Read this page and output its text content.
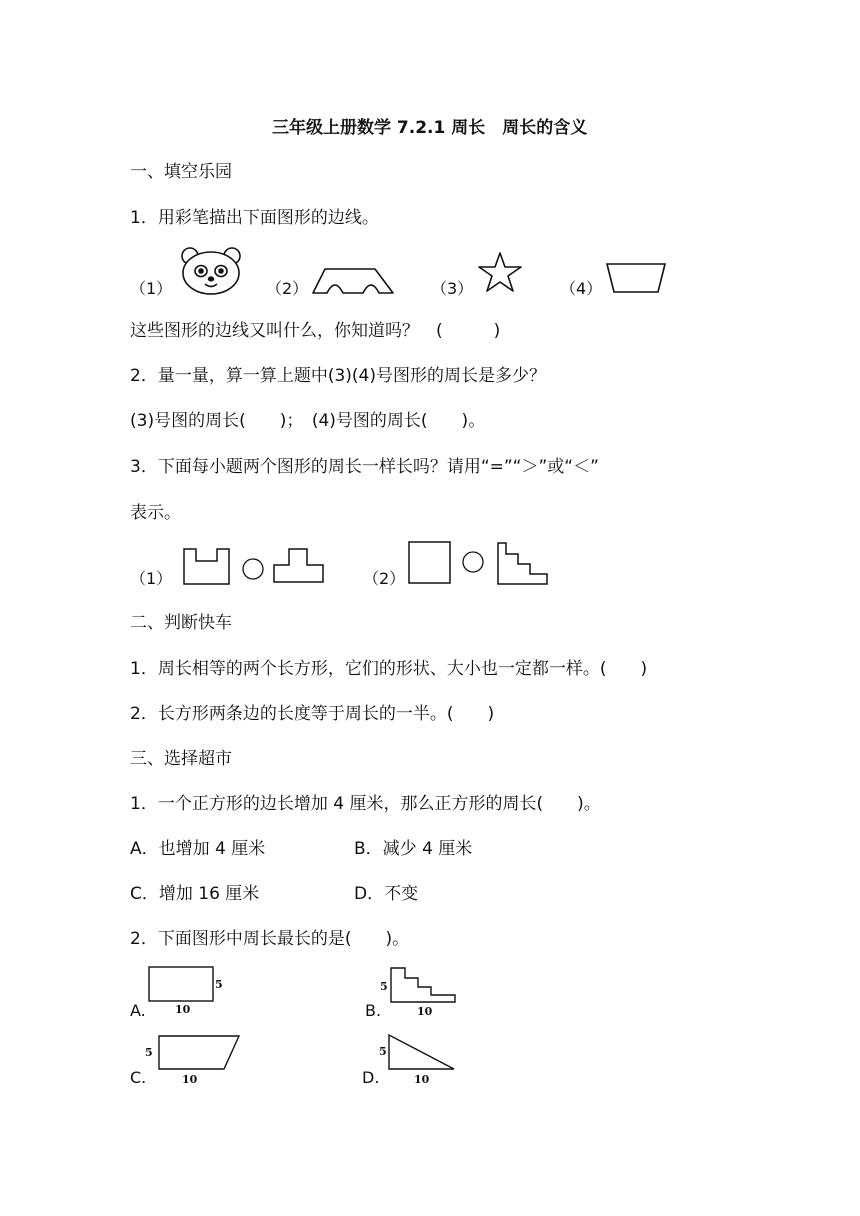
三年级上册数学 7.2.1 周长　周长的含义
一、填空乐园
1．用彩笔描出下面图形的边线。
（1）	（2）	（3）	（4）
这些图形的边线又叫什么，你知道吗？　(　　　)
2．量一量，算一算上题中(3)(4)号图形的周长是多少？
(3)号图的周长(　　)；　(4)号图的周长(　　)。
3．下面每小题两个图形的周长一样长吗？请用“=”“＞”或“＜”
表示。
（1）	（2）
二、判断快车
1．周长相等的两个长方形，它们的形状、大小也一定都一样。(　　)
2．长方形两条边的长度等于周长的一半。(　　)
三、选择超市
1．一个正方形的边长增加 4 厘米，那么正方形的周长(　　)。
A．也增加 4 厘米	B．减少 4 厘米
C．增加 16 厘米	D．不变
2．下面图形中周长最长的是(　　)。
A.
5
10	B.
5
10
C.
5
10	D.
5
10
